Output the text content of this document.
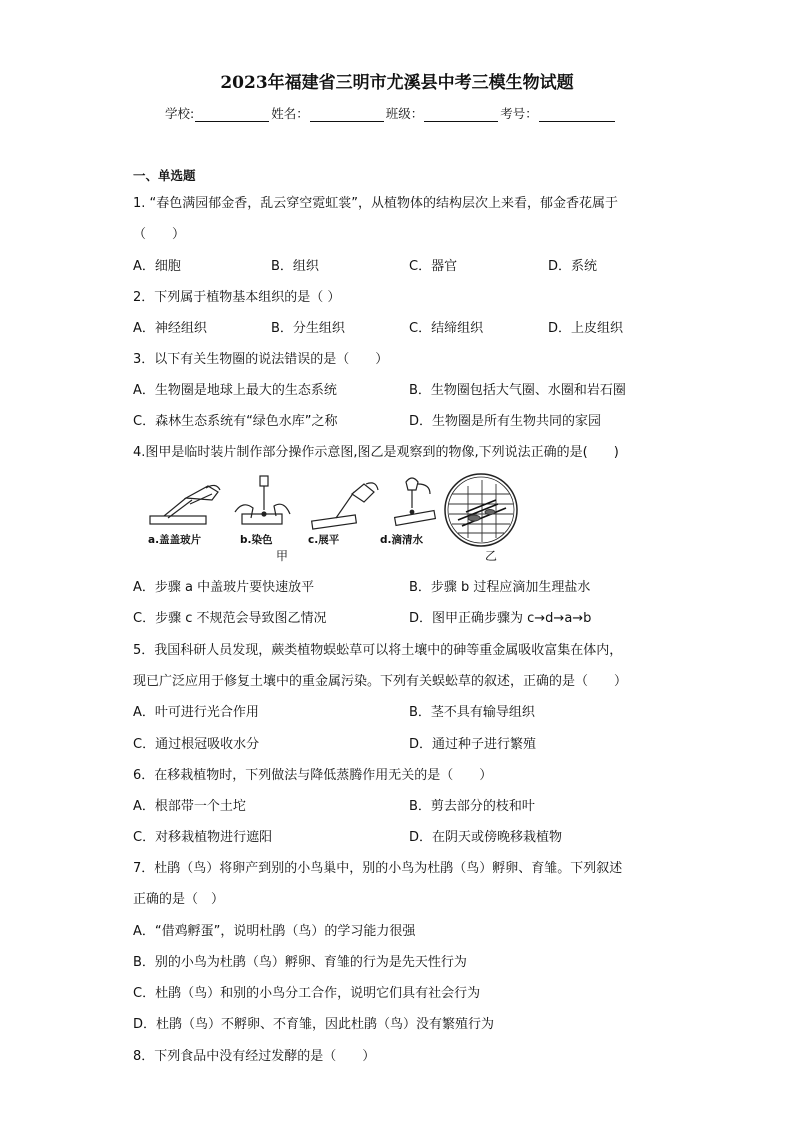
2023年福建省三明市尤溪县中考三模生物试题
学校:	姓名：	班级：	考号：
一、单选题
1. “春色满园郁金香，乱云穿空霓虹裳”，从植物体的结构层次上来看，郁金香花属于
（　　）
A．细胞	B．组织	C．器官	D．系统
2．下列属于植物基本组织的是（ ）
A．神经组织	B．分生组织	C．结缔组织	D．上皮组织
3．以下有关生物圈的说法错误的是（　　）
A．生物圈是地球上最大的生态系统	B．生物圈包括大气圈、水圈和岩石圈
C．森林生态系统有“绿色水库”之称	D．生物圈是所有生物共同的家园
4.图甲是临时装片制作部分操作示意图,图乙是观察到的物像,下列说法正确的是(　　)
a.盖盖玻片	b.染色	c.展平	d.滴清水
甲	乙
A．步骤 a 中盖玻片要快速放平	B．步骤 b 过程应滴加生理盐水
C．步骤 c 不规范会导致图乙情况	D．图甲正确步骤为 c→d→a→b
5．我国科研人员发现，蕨类植物蜈蚣草可以将土壤中的砷等重金属吸收富集在体内，
现已广泛应用于修复土壤中的重金属污染。下列有关蜈蚣草的叙述，正确的是（　　）
A．叶可进行光合作用	B．茎不具有输导组织
C．通过根冠吸收水分	D．通过种子进行繁殖
6．在移栽植物时，下列做法与降低蒸腾作用无关的是（　　）
A．根部带一个土坨	B．剪去部分的枝和叶
C．对移栽植物进行遮阳	D．在阴天或傍晚移栽植物
7．杜鹃（鸟）将卵产到别的小鸟巢中，别的小鸟为杜鹃（鸟）孵卵、育雏。下列叙述
正确的是（　）
A．“借鸡孵蛋”，说明杜鹃（鸟）的学习能力很强
B．别的小鸟为杜鹃（鸟）孵卵、育雏的行为是先天性行为
C．杜鹃（鸟）和别的小鸟分工合作，说明它们具有社会行为
D．杜鹃（鸟）不孵卵、不育雏，因此杜鹃（鸟）没有繁殖行为
8．下列食品中没有经过发酵的是（　　）
